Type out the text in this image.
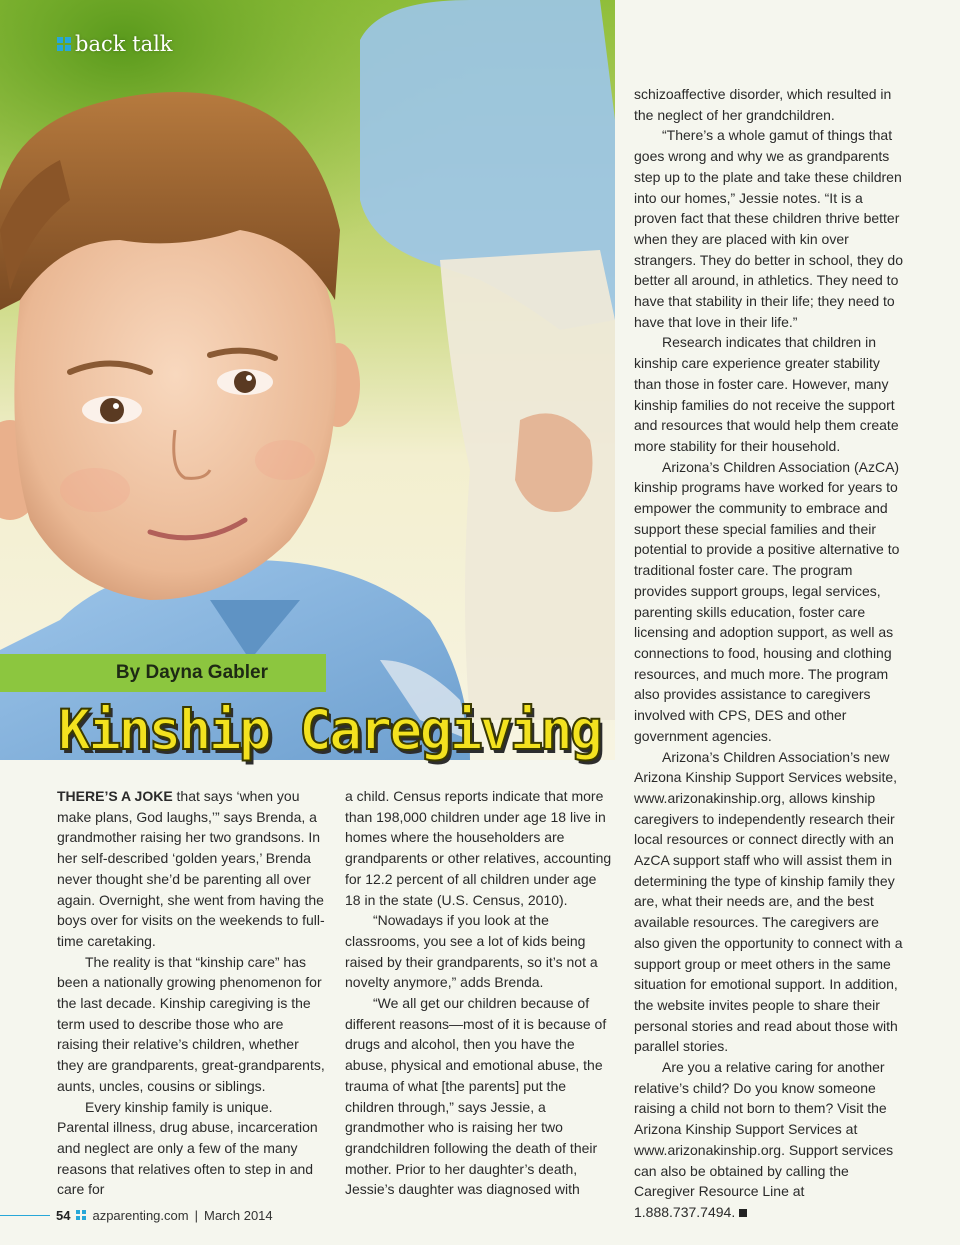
back talk
By Dayna Gabler
Kinship Caregiving

THERE’S A JOKE that says ‘when you make plans, God laughs,’” says Brenda, a grandmother raising her two grandsons. In her self-described ‘golden years,’ Brenda never thought she’d be parenting all over again. Overnight, she went from having the boys over for visits on the weekends to full-time caretaking.

The reality is that “kinship care” has been a nationally growing phenomenon for the last decade. Kinship caregiving is the term used to describe those who are raising their relative’s children, whether they are grandparents, great-grandparents, aunts, uncles, cousins or siblings.

Every kinship family is unique. Parental illness, drug abuse, incarceration and neglect are only a few of the many reasons that relatives often to step in and care for

a child. Census reports indicate that more than 198,000 children under age 18 live in homes where the householders are grandparents or other relatives, accounting for 12.2 percent of all children under age 18 in the state (U.S. Census, 2010).

“Nowadays if you look at the classrooms, you see a lot of kids being raised by their grandparents, so it’s not a novelty anymore,” adds Brenda.

“We all get our children because of different reasons—most of it is because of drugs and alcohol, then you have the abuse, physical and emotional abuse, the trauma of what [the parents] put the children through,” says Jessie, a grandmother who is raising her two grandchildren following the death of their mother. Prior to her daughter’s death, Jessie’s daughter was diagnosed with

schizoaffective disorder, which resulted in the neglect of her grandchildren.

“There’s a whole gamut of things that goes wrong and why we as grandparents step up to the plate and take these children into our homes,” Jessie notes. “It is a proven fact that these children thrive better when they are placed with kin over strangers. They do better in school, they do better all around, in athletics. They need to have that stability in their life; they need to have that love in their life.”

Research indicates that children in kinship care experience greater stability than those in foster care. However, many kinship families do not receive the support and resources that would help them create more stability for their household.

Arizona’s Children Association (AzCA) kinship programs have worked for years to empower the community to embrace and support these special families and their potential to provide a positive alternative to traditional foster care. The program provides support groups, legal services, parenting skills education, foster care licensing and adoption support, as well as connections to food, housing and clothing resources, and much more. The program also provides assistance to caregivers involved with CPS, DES and other government agencies.

Arizona’s Children Association’s new Arizona Kinship Support Services website, www.arizonakinship.org, allows kinship caregivers to independently research their local resources or connect directly with an AzCA support staff who will assist them in determining the type of kinship family they are, what their needs are, and the best available resources. The caregivers are also given the opportunity to connect with a support group or meet others in the same situation for emotional support. In addition, the website invites people to share their personal stories and read about those with parallel stories.

Are you a relative caring for another relative’s child? Do you know someone raising a child not born to them? Visit the Arizona Kinship Support Services at www.arizonakinship.org. Support services can also be obtained by calling the Caregiver Resource Line at 1.888.737.7494.

54 azparenting.com | March 2014
